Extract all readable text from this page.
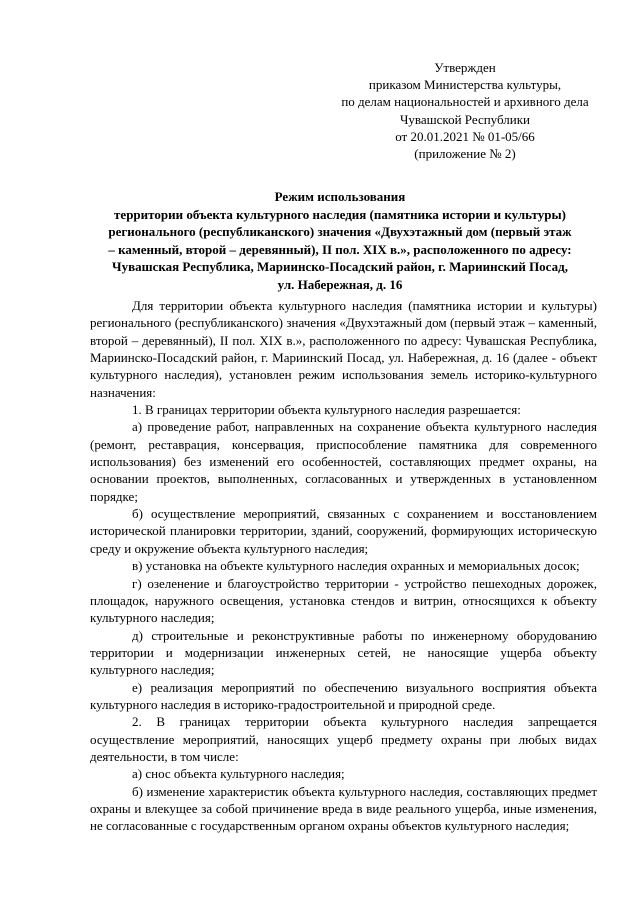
Утвержден
приказом Министерства культуры,
по делам национальностей и архивного дела
Чувашской Республики
от 20.01.2021 № 01-05/66
(приложение № 2)
Режим использования
территории объекта культурного наследия (памятника истории и культуры)
регионального (республиканского) значения «Двухэтажный дом (первый этаж
– каменный, второй – деревянный), II пол. XIX в.», расположенного по адресу:
Чувашская Республика, Мариинско-Посадский район, г. Мариинский Посад,
ул. Набережная, д. 16

Для территории объекта культурного наследия (памятника истории и культуры) регионального (республиканского) значения «Двухэтажный дом (первый этаж – каменный, второй – деревянный), II пол. XIX в.», расположенного по адресу: Чувашская Республика, Мариинско-Посадский район, г. Мариинский Посад, ул. Набережная, д. 16 (далее - объект культурного наследия), установлен режим использования земель историко-культурного назначения:

1. В границах территории объекта культурного наследия разрешается:

а) проведение работ, направленных на сохранение объекта культурного наследия (ремонт, реставрация, консервация, приспособление памятника для современного использования) без изменений его особенностей, составляющих предмет охраны, на основании проектов, выполненных, согласованных и утвержденных в установленном порядке;

б) осуществление мероприятий, связанных с сохранением и восстановлением исторической планировки территории, зданий, сооружений, формирующих историческую среду и окружение объекта культурного наследия;

в) установка на объекте культурного наследия охранных и мемориальных досок;

г) озеленение и благоустройство территории - устройство пешеходных дорожек, площадок, наружного освещения, установка стендов и витрин, относящихся к объекту культурного наследия;

д) строительные и реконструктивные работы по инженерному оборудованию территории и модернизации инженерных сетей, не наносящие ущерба объекту культурного наследия;

е) реализация мероприятий по обеспечению визуального восприятия объекта культурного наследия в историко-градостроительной и природной среде.

2. В границах территории объекта культурного наследия запрещается осуществление мероприятий, наносящих ущерб предмету охраны при любых видах деятельности, в том числе:

а) снос объекта культурного наследия;

б) изменение характеристик объекта культурного наследия, составляющих предмет охраны и влекущее за собой причинение вреда в виде реального ущерба, иные изменения, не согласованные с государственным органом охраны объектов культурного наследия;
